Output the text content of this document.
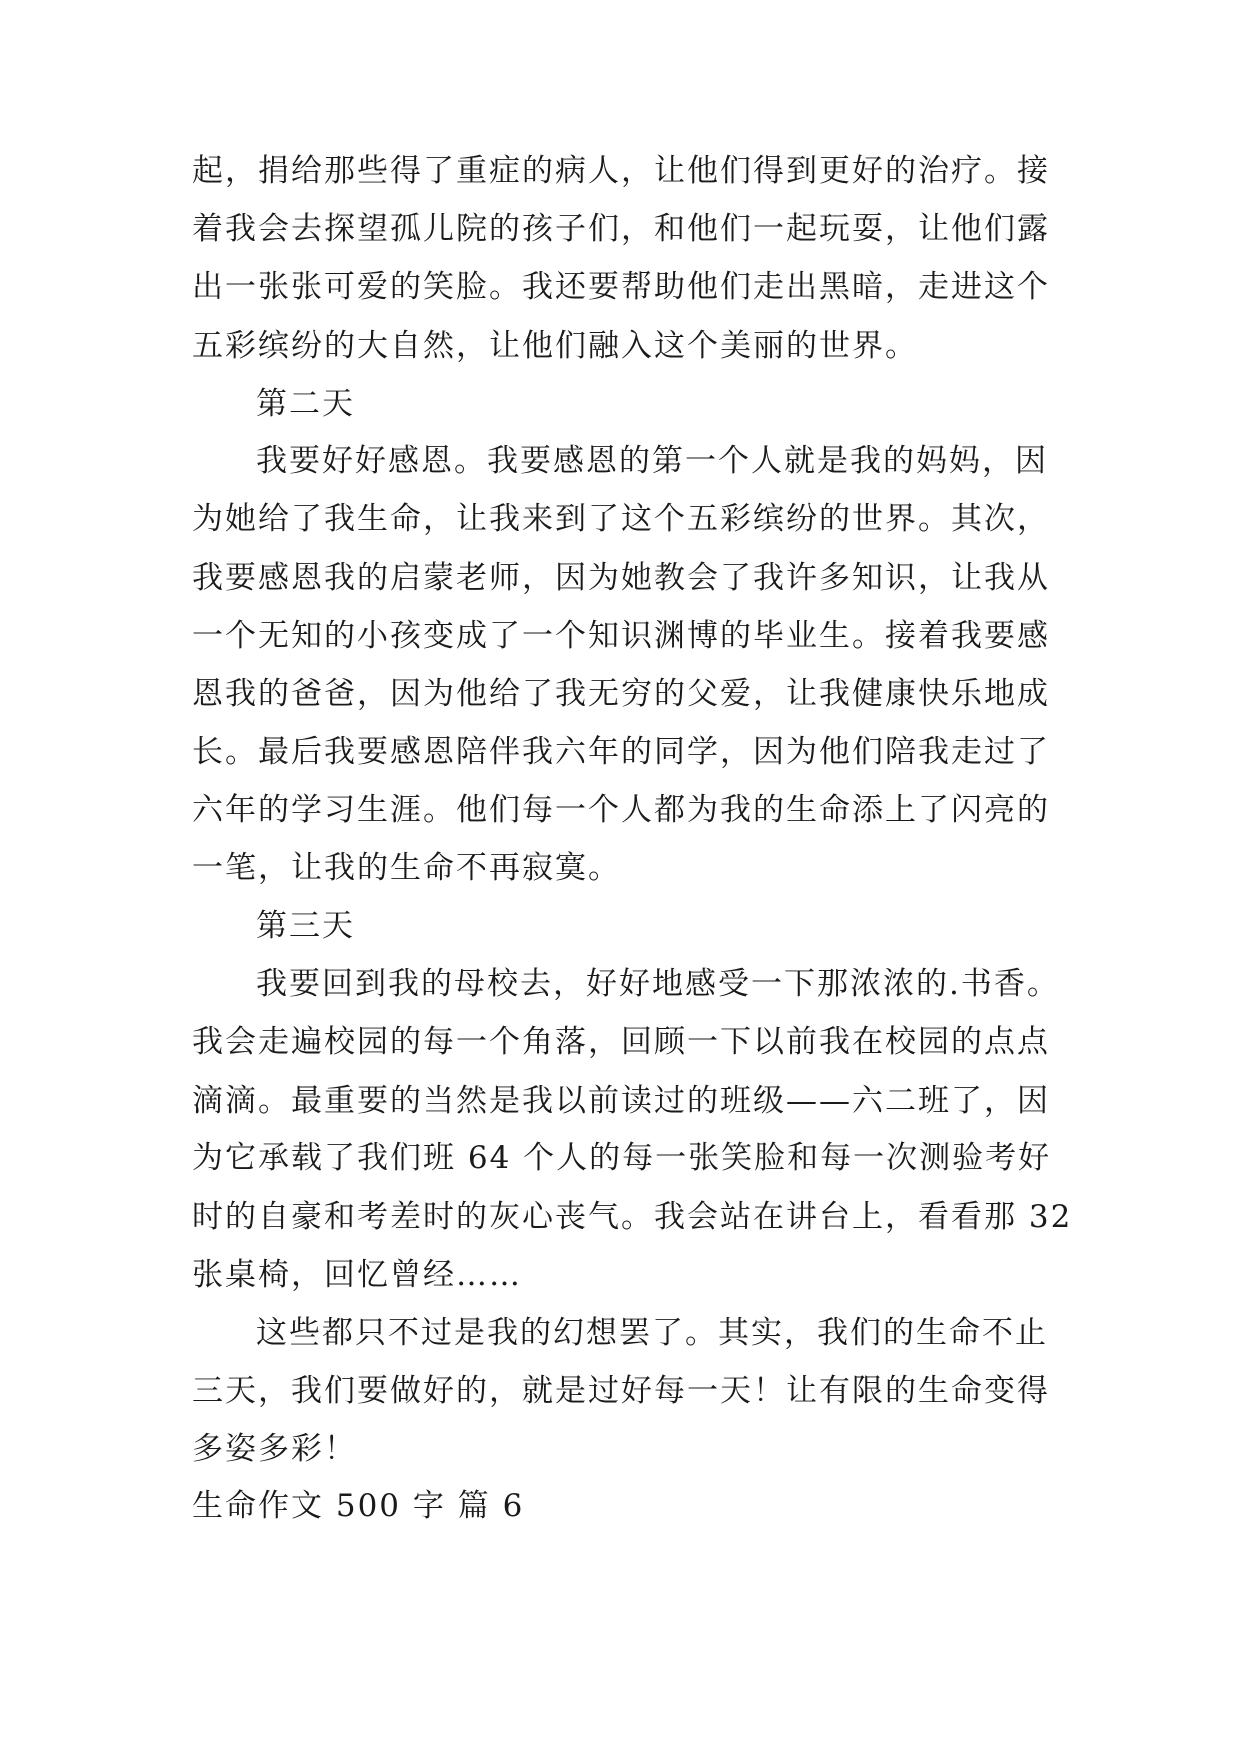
起，捐给那些得了重症的病人，让他们得到更好的治疗。接
着我会去探望孤儿院的孩子们，和他们一起玩耍，让他们露
出一张张可爱的笑脸。我还要帮助他们走出黑暗，走进这个
五彩缤纷的大自然，让他们融入这个美丽的世界。
第二天
我要好好感恩。我要感恩的第一个人就是我的妈妈，因
为她给了我生命，让我来到了这个五彩缤纷的世界。其次，
我要感恩我的启蒙老师，因为她教会了我许多知识，让我从
一个无知的小孩变成了一个知识渊博的毕业生。接着我要感
恩我的爸爸，因为他给了我无穷的父爱，让我健康快乐地成
长。最后我要感恩陪伴我六年的同学，因为他们陪我走过了
六年的学习生涯。他们每一个人都为我的生命添上了闪亮的
一笔，让我的生命不再寂寞。
第三天
我要回到我的母校去，好好地感受一下那浓浓的.书香。
我会走遍校园的每一个角落，回顾一下以前我在校园的点点
滴滴。最重要的当然是我以前读过的班级——六二班了，因
为它承载了我们班 64 个人的每一张笑脸和每一次测验考好
时的自豪和考差时的灰心丧气。我会站在讲台上，看看那 32
张桌椅，回忆曾经……
这些都只不过是我的幻想罢了。其实，我们的生命不止
三天，我们要做好的，就是过好每一天！让有限的生命变得
多姿多彩！
生命作文 500 字 篇 6
